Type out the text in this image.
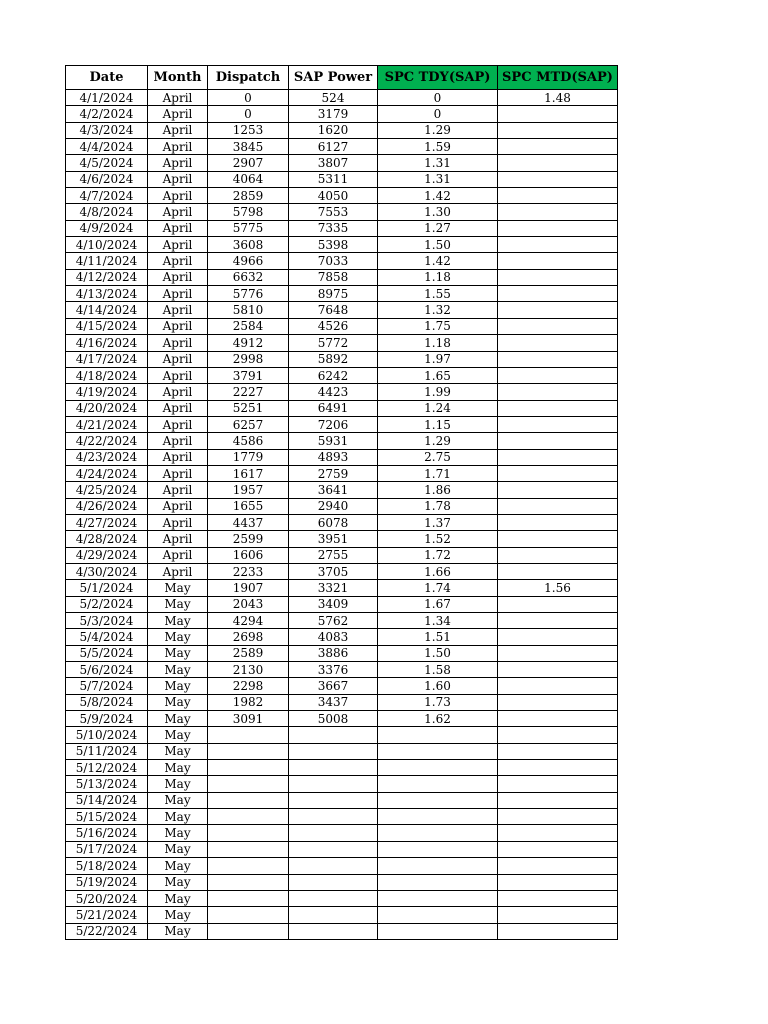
Date	Month	Dispatch	SAP Power	SPC TDY(SAP)	SPC MTD(SAP)
4/1/2024	April	0	524	0	1.48
4/2/2024	April	0	3179	0	
4/3/2024	April	1253	1620	1.29	
4/4/2024	April	3845	6127	1.59	
4/5/2024	April	2907	3807	1.31	
4/6/2024	April	4064	5311	1.31	
4/7/2024	April	2859	4050	1.42	
4/8/2024	April	5798	7553	1.30	
4/9/2024	April	5775	7335	1.27	
4/10/2024	April	3608	5398	1.50	
4/11/2024	April	4966	7033	1.42	
4/12/2024	April	6632	7858	1.18	
4/13/2024	April	5776	8975	1.55	
4/14/2024	April	5810	7648	1.32	
4/15/2024	April	2584	4526	1.75	
4/16/2024	April	4912	5772	1.18	
4/17/2024	April	2998	5892	1.97	
4/18/2024	April	3791	6242	1.65	
4/19/2024	April	2227	4423	1.99	
4/20/2024	April	5251	6491	1.24	
4/21/2024	April	6257	7206	1.15	
4/22/2024	April	4586	5931	1.29	
4/23/2024	April	1779	4893	2.75	
4/24/2024	April	1617	2759	1.71	
4/25/2024	April	1957	3641	1.86	
4/26/2024	April	1655	2940	1.78	
4/27/2024	April	4437	6078	1.37	
4/28/2024	April	2599	3951	1.52	
4/29/2024	April	1606	2755	1.72	
4/30/2024	April	2233	3705	1.66	
5/1/2024	May	1907	3321	1.74	1.56
5/2/2024	May	2043	3409	1.67	
5/3/2024	May	4294	5762	1.34	
5/4/2024	May	2698	4083	1.51	
5/5/2024	May	2589	3886	1.50	
5/6/2024	May	2130	3376	1.58	
5/7/2024	May	2298	3667	1.60	
5/8/2024	May	1982	3437	1.73	
5/9/2024	May	3091	5008	1.62	
5/10/2024	May				
5/11/2024	May				
5/12/2024	May				
5/13/2024	May				
5/14/2024	May				
5/15/2024	May				
5/16/2024	May				
5/17/2024	May				
5/18/2024	May				
5/19/2024	May				
5/20/2024	May				
5/21/2024	May				
5/22/2024	May				
